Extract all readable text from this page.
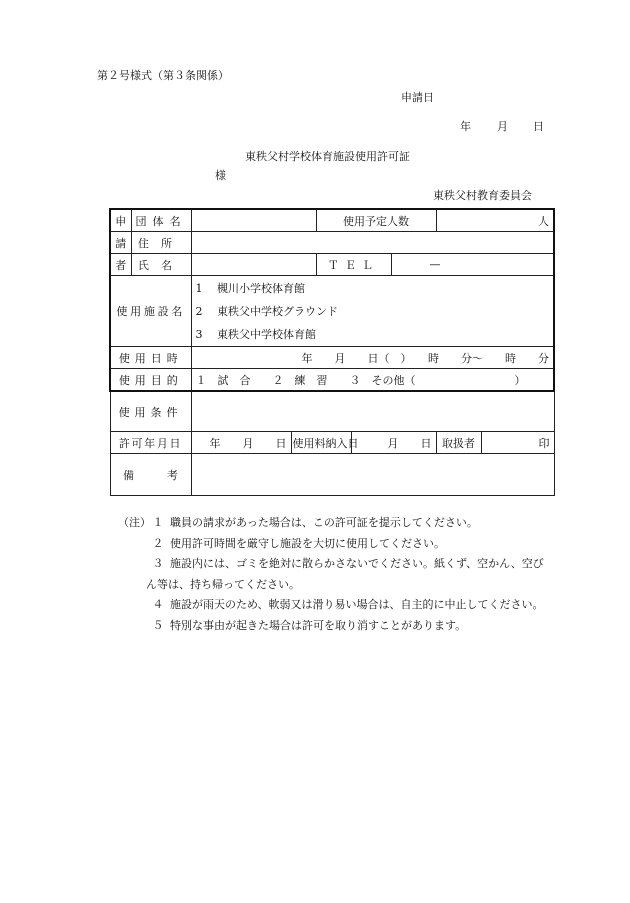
第２号様式（第３条関係）
申請日
年 月 日
東秩父村学校体育施設使用許可証
様
東秩父村教育委員会
申	団体名			使用予定人数			人	
請	住所							
者	氏名			ＴＥＬ		—		
使用施設名		1　 槻川小学校体育館
2　 東秩父中学校グラウンド
3　 東秩父中学校体育館						

使用日時		年　　月　　日（　）　　時　　分～　　時　　分						
使用目的		１　試　合　　２　練　習　　３　その他（　　　　　　　　　）						
使用条件								
許可年月日		年　　月　　日	使用料納入日		月　　日		取扱者	印
備　　　考								
（注） １ 職員の請求があった場合は、この許可証を提示してください。
２ 使用許可時間を厳守し施設を大切に使用してください。
３ 施設内には、ゴミを絶対に散らかさないでください。紙くず、空かん、空び
ん等は、持ち帰ってください。
４ 施設が雨天のため、軟弱又は滑り易い場合は、自主的に中止してください。
５ 特別な事由が起きた場合は許可を取り消すことがあります。
